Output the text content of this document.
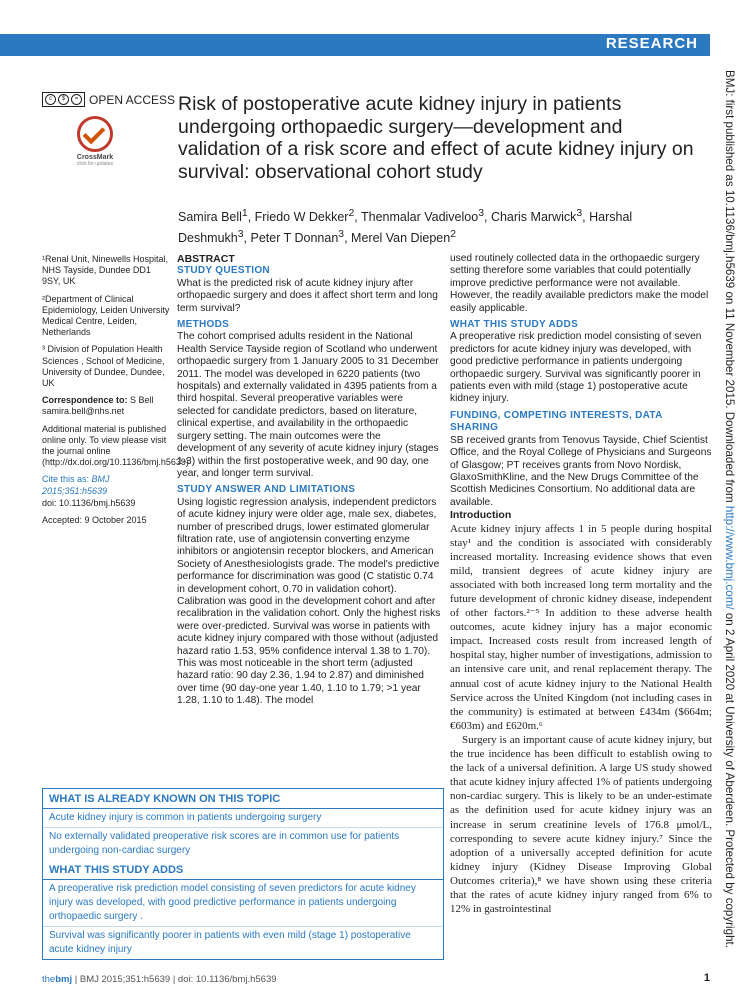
RESEARCH
c	$	= OPEN ACCESS
CrossMark
click for updates
Risk of postoperative acute kidney injury in patients undergoing orthopaedic surgery—development and validation of a risk score and effect of acute kidney injury on survival: observational cohort study
Samira Bell$^1$, Friedo W Dekker$^2$, Thenmalar Vadiveloo$^3$, Charis Marwick$^3$, Harshal Deshmukh$^3$, Peter T Donnan$^3$, Merel Van Diepen$^2$

¹Renal Unit, Ninewells Hospital, NHS Tayside, Dundee DD1 9SY, UK

²Department of Clinical Epidemiology, Leiden University Medical Centre, Leiden, Netherlands

³ Division of Population Health Sciences , School of Medicine, University of Dundee, Dundee, UK

Correspondence to: S Bell
samira.bell@nhs.net

Additional material is published online only. To view please visit the journal online (http://dx.doi.org/10.1136/bmj.h5639)

Cite this as: BMJ 2015;351:h5639

doi: 10.1136/bmj.h5639

Accepted: 9 October 2015

ABSTRACT

STUDY QUESTION

What is the predicted risk of acute kidney injury after orthopaedic surgery and does it affect short term and long term survival?

METHODS

The cohort comprised adults resident in the National Health Service Tayside region of Scotland who underwent orthopaedic surgery from 1 January 2005 to 31 December 2011. The model was developed in 6220 patients (two hospitals) and externally validated in 4395 patients from a third hospital. Several preoperative variables were selected for candidate predictors, based on literature, clinical expertise, and availability in the orthopaedic surgery setting. The main outcomes were the development of any severity of acute kidney injury (stages 1-3) within the first postoperative week, and 90 day, one year, and longer term survival.

STUDY ANSWER AND LIMITATIONS

Using logistic regression analysis, independent predictors of acute kidney injury were older age, male sex, diabetes, number of prescribed drugs, lower estimated glomerular filtration rate, use of angiotensin converting enzyme inhibitors or angiotensin receptor blockers, and American Society of Anesthesiologists grade. The model's predictive performance for discrimination was good (C statistic 0.74 in development cohort, 0.70 in validation cohort). Calibration was good in the development cohort and after recalibration in the validation cohort. Only the highest risks were over-predicted. Survival was worse in patients with acute kidney injury compared with those without (adjusted hazard ratio 1.53, 95% confidence interval 1.38 to 1.70). This was most noticeable in the short term (adjusted hazard ratio: 90 day 2.36, 1.94 to 2.87) and diminished over time (90 day-one year 1.40, 1.10 to 1.79; >1 year 1.28, 1.10 to 1.48). The model

used routinely collected data in the orthopaedic surgery setting therefore some variables that could potentially improve predictive performance were not available. However, the readily available predictors make the model easily applicable.

WHAT THIS STUDY ADDS

A preoperative risk prediction model consisting of seven predictors for acute kidney injury was developed, with good predictive performance in patients undergoing orthopaedic surgery. Survival was significantly poorer in patients even with mild (stage 1) postoperative acute kidney injury.

FUNDING, COMPETING INTERESTS, DATA SHARING

SB received grants from Tenovus Tayside, Chief Scientist Office, and the Royal College of Physicians and Surgeons of Glasgow; PT receives grants from Novo Nordisk, GlaxoSmithKline, and the New Drugs Committee of the Scottish Medicines Consortium. No additional data are available.

Introduction

Acute kidney injury affects 1 in 5 people during hospital stay¹ and the condition is associated with considerably increased mortality. Increasing evidence shows that even mild, transient degrees of acute kidney injury are associated with both increased long term mortality and the future development of chronic kidney disease, independent of other factors.²⁻⁵ In addition to these adverse health outcomes, acute kidney injury has a major economic impact. Increased costs result from increased length of hospital stay, higher number of investigations, admission to an intensive care unit, and renal replacement therapy. The annual cost of acute kidney injury to the National Health Service across the United Kingdom (not including cases in the community) is estimated at between £434m ($664m; €603m) and £620m.⁶

Surgery is an important cause of acute kidney injury, but the true incidence has been difficult to establish owing to the lack of a universal definition. A large US study showed that acute kidney injury affected 1% of patients undergoing non-cardiac surgery. This is likely to be an under-estimate as the definition used for acute kidney injury was an increase in serum creatinine levels of 176.8 μmol/L, corresponding to severe acute kidney injury.⁷ Since the adoption of a universally accepted definition for acute kidney injury (Kidney Disease Improving Global Outcomes criteria),⁸ we have shown using these criteria that the rates of acute kidney injury ranged from 6% to 12% in gastrointestinal

WHAT IS ALREADY KNOWN ON THIS TOPIC
Acute kidney injury is common in patients undergoing surgery
No externally validated preoperative risk scores are in common use for patients undergoing non-cardiac surgery
WHAT THIS STUDY ADDS
A preoperative risk prediction model consisting of seven predictors for acute kidney injury was developed, with good predictive performance in patients undergoing orthopaedic surgery .
Survival was significantly poorer in patients with even mild (stage 1) postoperative acute kidney injury
BMJ: first published as 10.1136/bmj.h5639 on 11 November 2015. Downloaded from http://www.bmj.com/ on 2 April 2020 at University of Aberdeen. Protected by copyright.
thebmj | BMJ 2015;351:h5639 | doi: 10.1136/bmj.h5639	1
